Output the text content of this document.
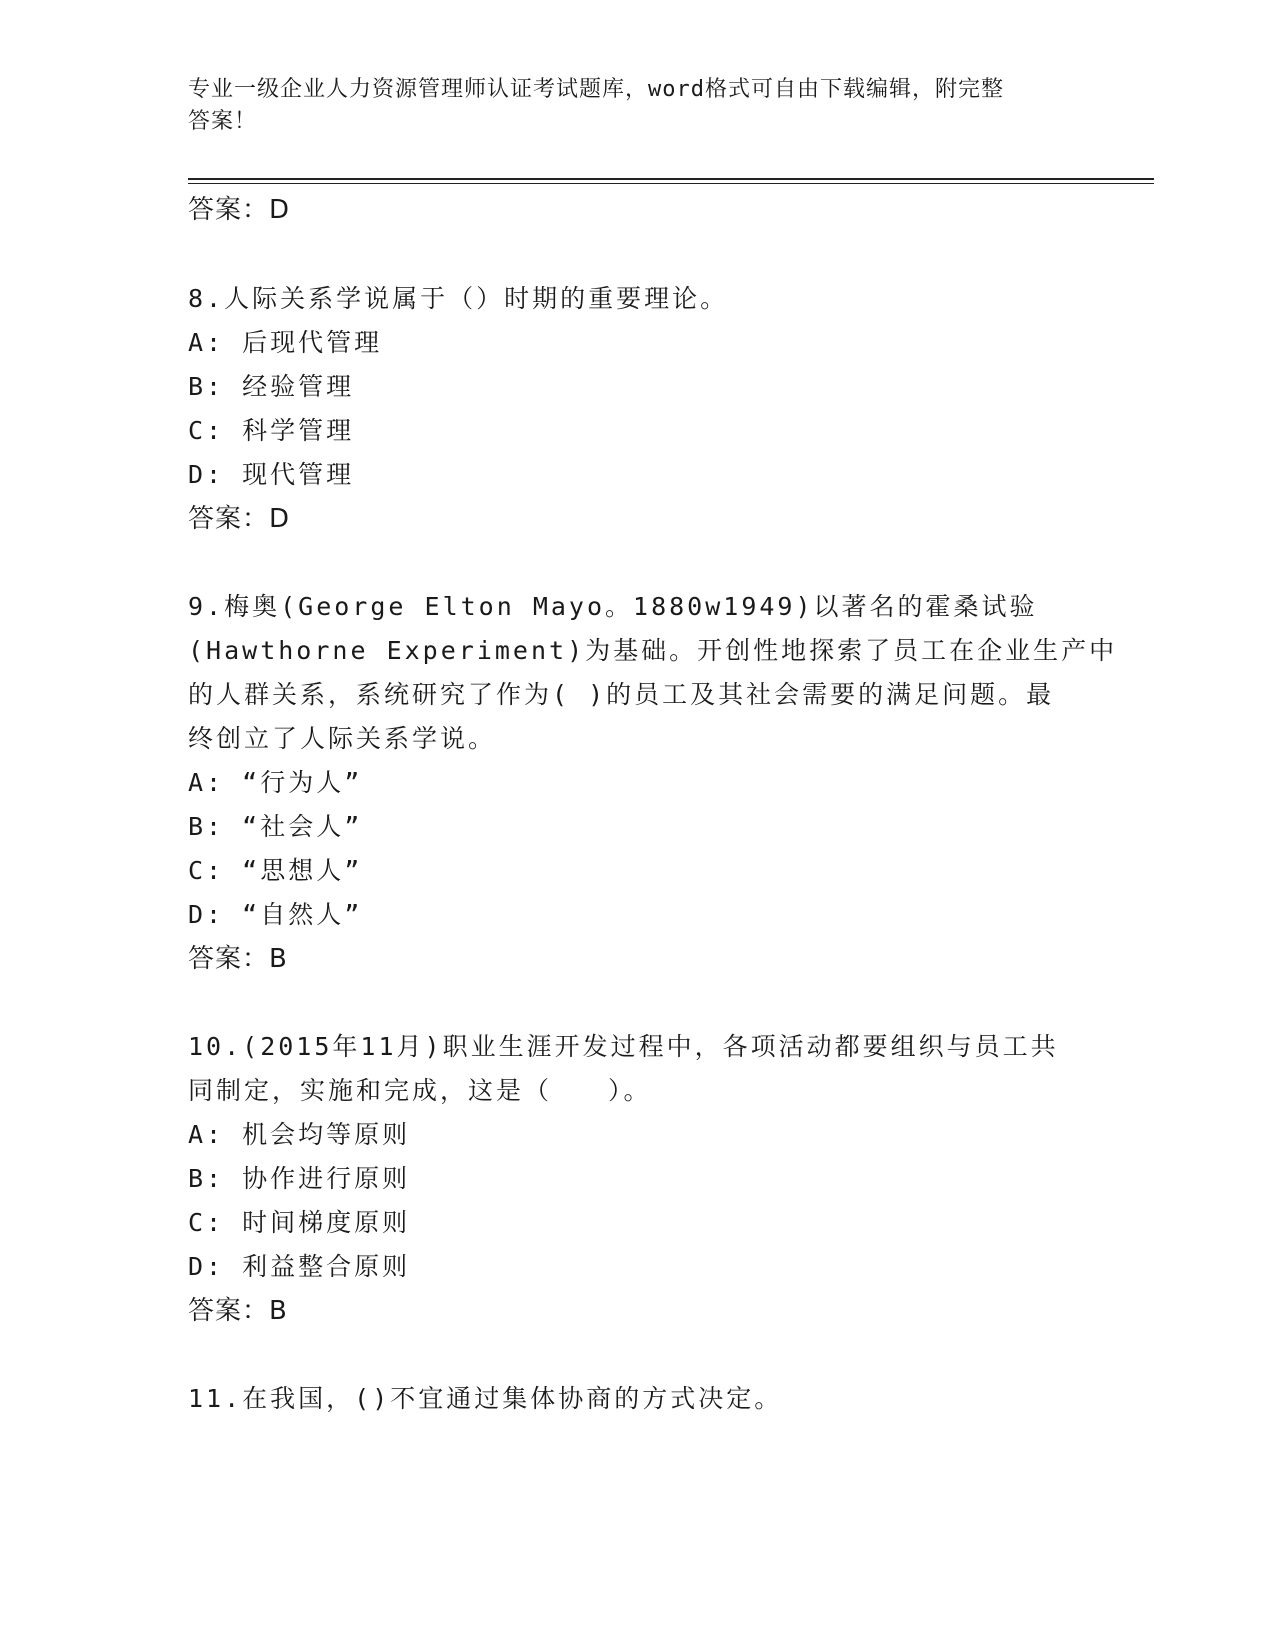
专业一级企业人力资源管理师认证考试题库，word格式可自由下载编辑，附完整
答案！
答案：D
8.人际关系学说属于（）时期的重要理论。
A: 后现代管理
B: 经验管理
C: 科学管理
D: 现代管理
答案：D
9.梅奥(George Elton Mayo。1880w1949)以著名的霍桑试验
(Hawthorne Experiment)为基础。开创性地探索了员工在企业生产中
的人群关系，系统研究了作为( )的员工及其社会需要的满足问题。最
终创立了人际关系学说。
A: “行为人”
B: “社会人”
C: “思想人”
D: “自然人”
答案：B
10.(2015年11月)职业生涯开发过程中，各项活动都要组织与员工共
同制定，实施和完成，这是（　　）。
A: 机会均等原则
B: 协作进行原则
C: 时间梯度原则
D: 利益整合原则
答案：B
11.在我国，()不宜通过集体协商的方式决定。
